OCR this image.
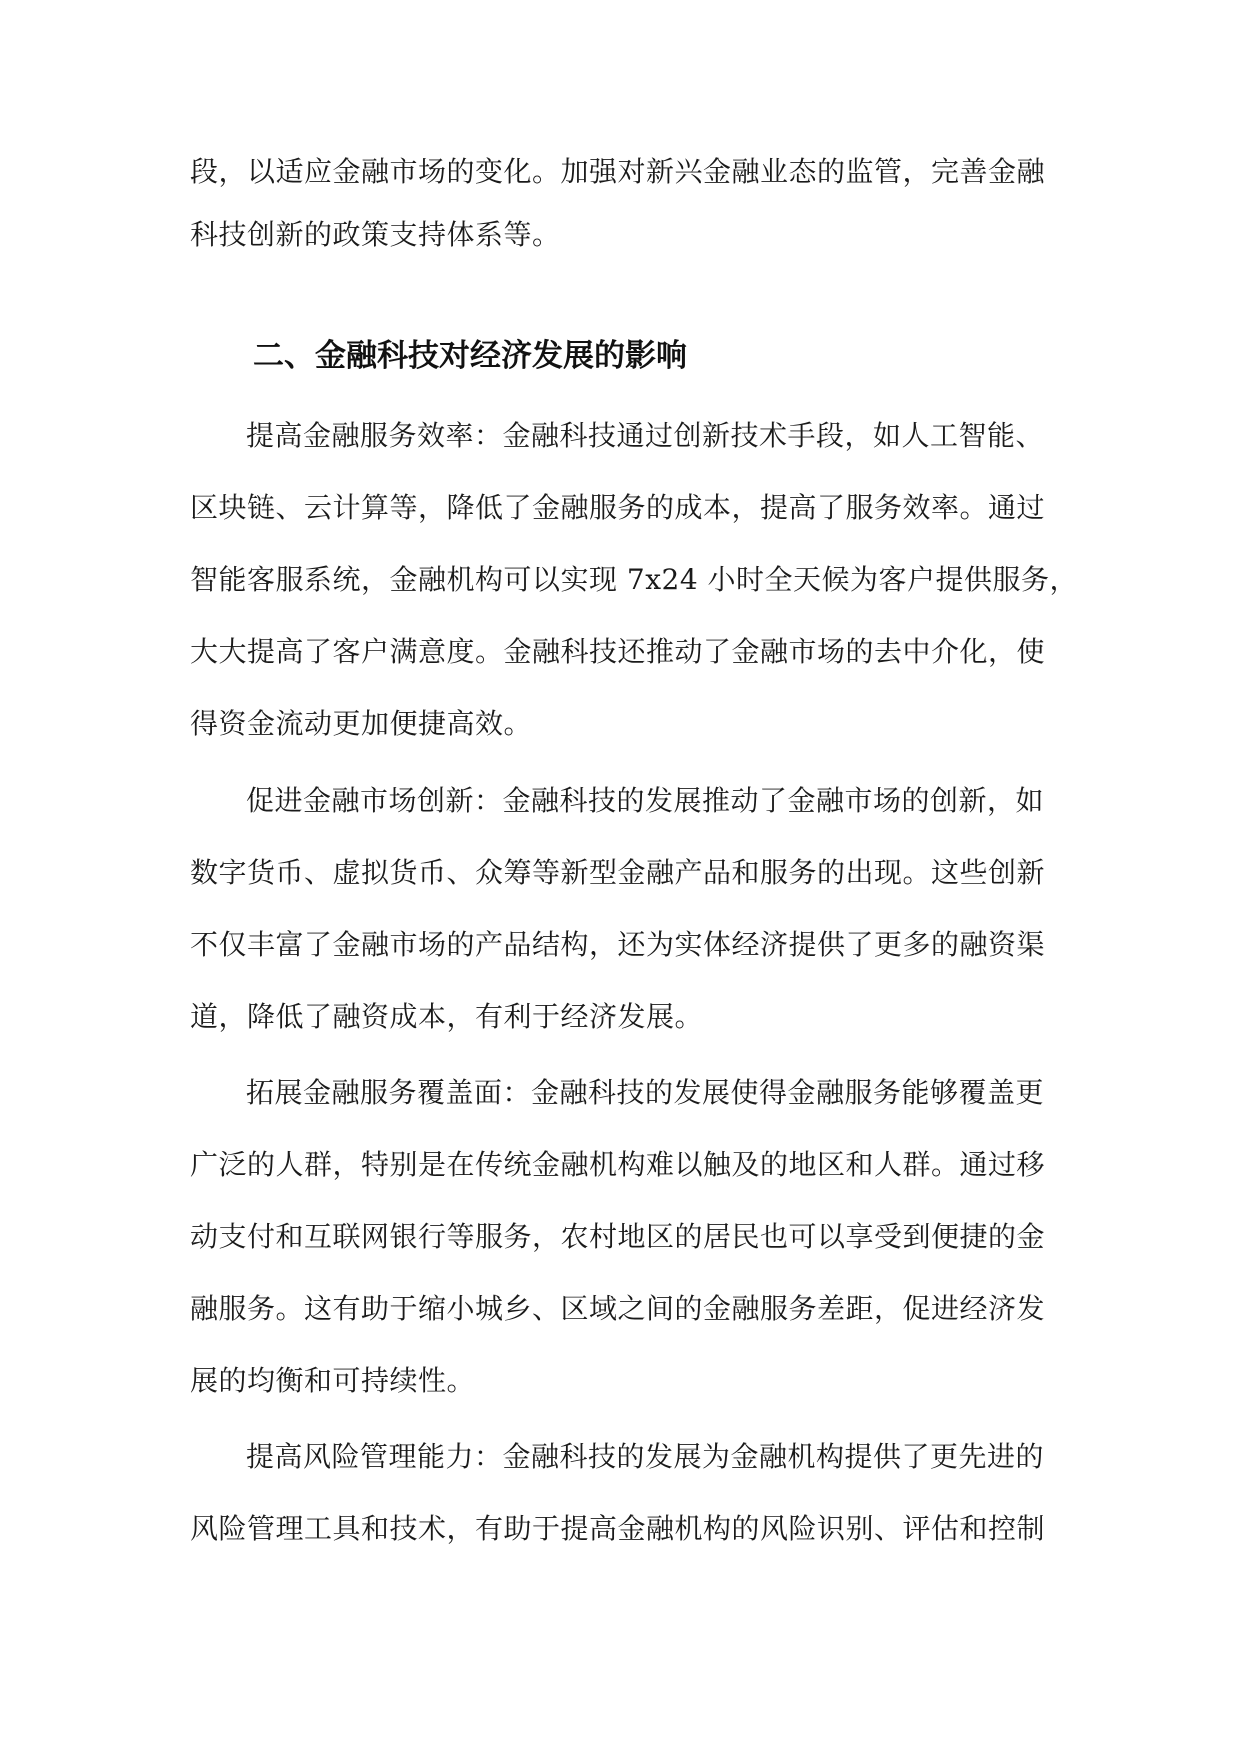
段，以适应金融市场的变化。加强对新兴金融业态的监管，完善金融
科技创新的政策支持体系等。
二、金融科技对经济发展的影响
提高金融服务效率：金融科技通过创新技术手段，如人工智能、
区块链、云计算等，降低了金融服务的成本，提高了服务效率。通过
智能客服系统，金融机构可以实现 7x24 小时全天候为客户提供服务，
大大提高了客户满意度。金融科技还推动了金融市场的去中介化，使
得资金流动更加便捷高效。
促进金融市场创新：金融科技的发展推动了金融市场的创新，如
数字货币、虚拟货币、众筹等新型金融产品和服务的出现。这些创新
不仅丰富了金融市场的产品结构，还为实体经济提供了更多的融资渠
道，降低了融资成本，有利于经济发展。
拓展金融服务覆盖面：金融科技的发展使得金融服务能够覆盖更
广泛的人群，特别是在传统金融机构难以触及的地区和人群。通过移
动支付和互联网银行等服务，农村地区的居民也可以享受到便捷的金
融服务。这有助于缩小城乡、区域之间的金融服务差距，促进经济发
展的均衡和可持续性。
提高风险管理能力：金融科技的发展为金融机构提供了更先进的
风险管理工具和技术，有助于提高金融机构的风险识别、评估和控制
